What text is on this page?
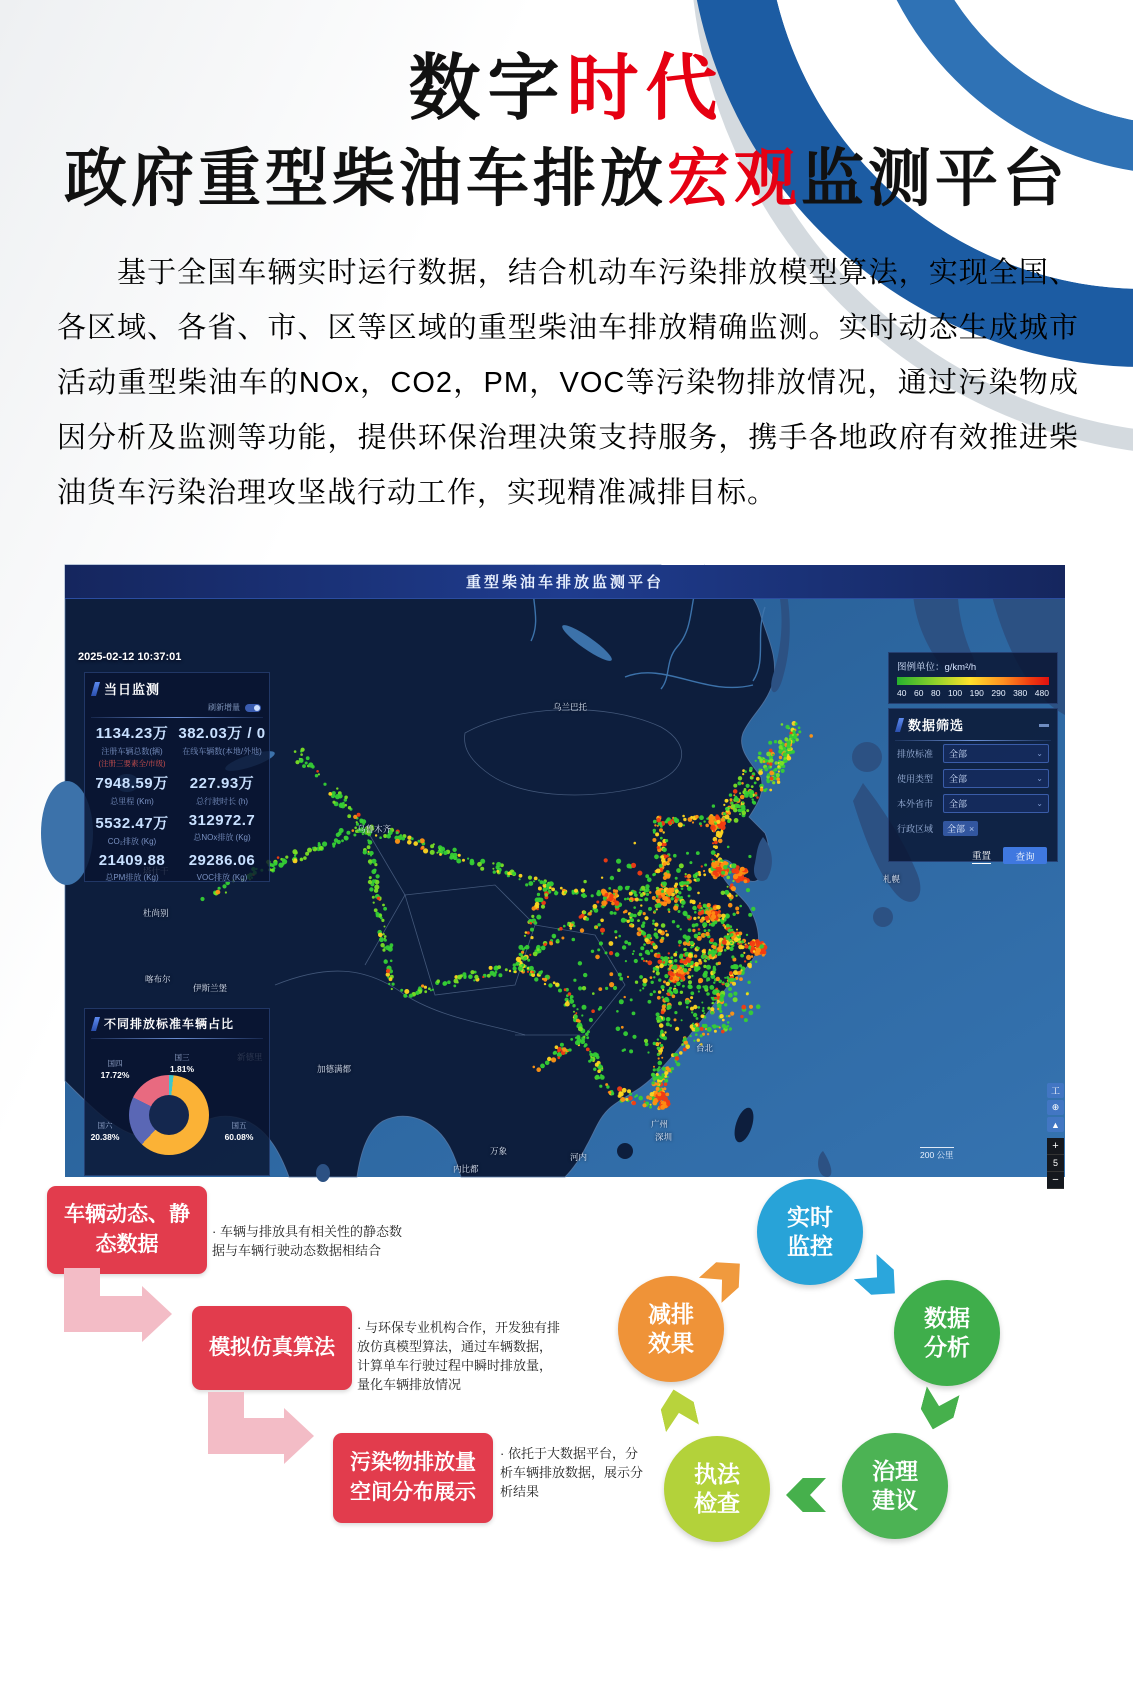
数字时代
政府重型柴油车排放宏观监测平台
基于全国车辆实时运行数据，结合机动车污染排放模型算法，实现全国、各区域、各省、市、区等区域的重型柴油车排放精确监测。实时动态生成城市活动重型柴油车的NOx，CO2，PM，VOC等污染物排放情况，通过污染物成因分析及监测等功能，提供环保治理决策支持服务，携手各地政府有效推进柴油货车污染治理攻坚战行动工作，实现精准减排目标。
重型柴油车排放监测平台
2025-02-12 10:37:01
乌兰巴托
乌鲁木齐
杜尚别
喀布尔
伊斯兰堡
加德满都
台北
札幌
广州
深圳
河内
万象
内比都
当日监测
刷新增量
1134.23万
注册车辆总数(辆)
(注册三要素全/市级)
382.03万 / 0
在线车辆数(本地/外地)
7948.59万
总里程 (Km)
227.93万
总行驶时长 (h)
5532.47万
CO₂排放 (Kg)
312972.7
总NOx排放 (Kg)
21409.88
总PM排放 (Kg)
29286.06
VOC排放 (Kg)
不同排放标准车辆占比
国三
1.81%
国四
17.72%
国六
20.38%
国五
60.08%
图例单位：g/km²/h
40 60 80 100 190 290 380 480
数据筛选	▬
排放标准	全部	⌄
使用类型	全部	⌄
本外省市	全部	⌄
行政区域	全部 ×
重置	查询
工
⊕
▲
+
5
−
200 公里
车辆动态、静态数据
· 车辆与排放具有相关性的静态数据与车辆行驶动态数据相结合
模拟仿真算法
· 与环保专业机构合作，开发独有排放仿真模型算法，通过车辆数据，计算单车行驶过程中瞬时排放量，量化车辆排放情况
污染物排放量空间分布展示
· 依托于大数据平台，分析车辆排放数据，展示分析结果
实时监控
数据分析
治理建议
执法检查
减排效果
